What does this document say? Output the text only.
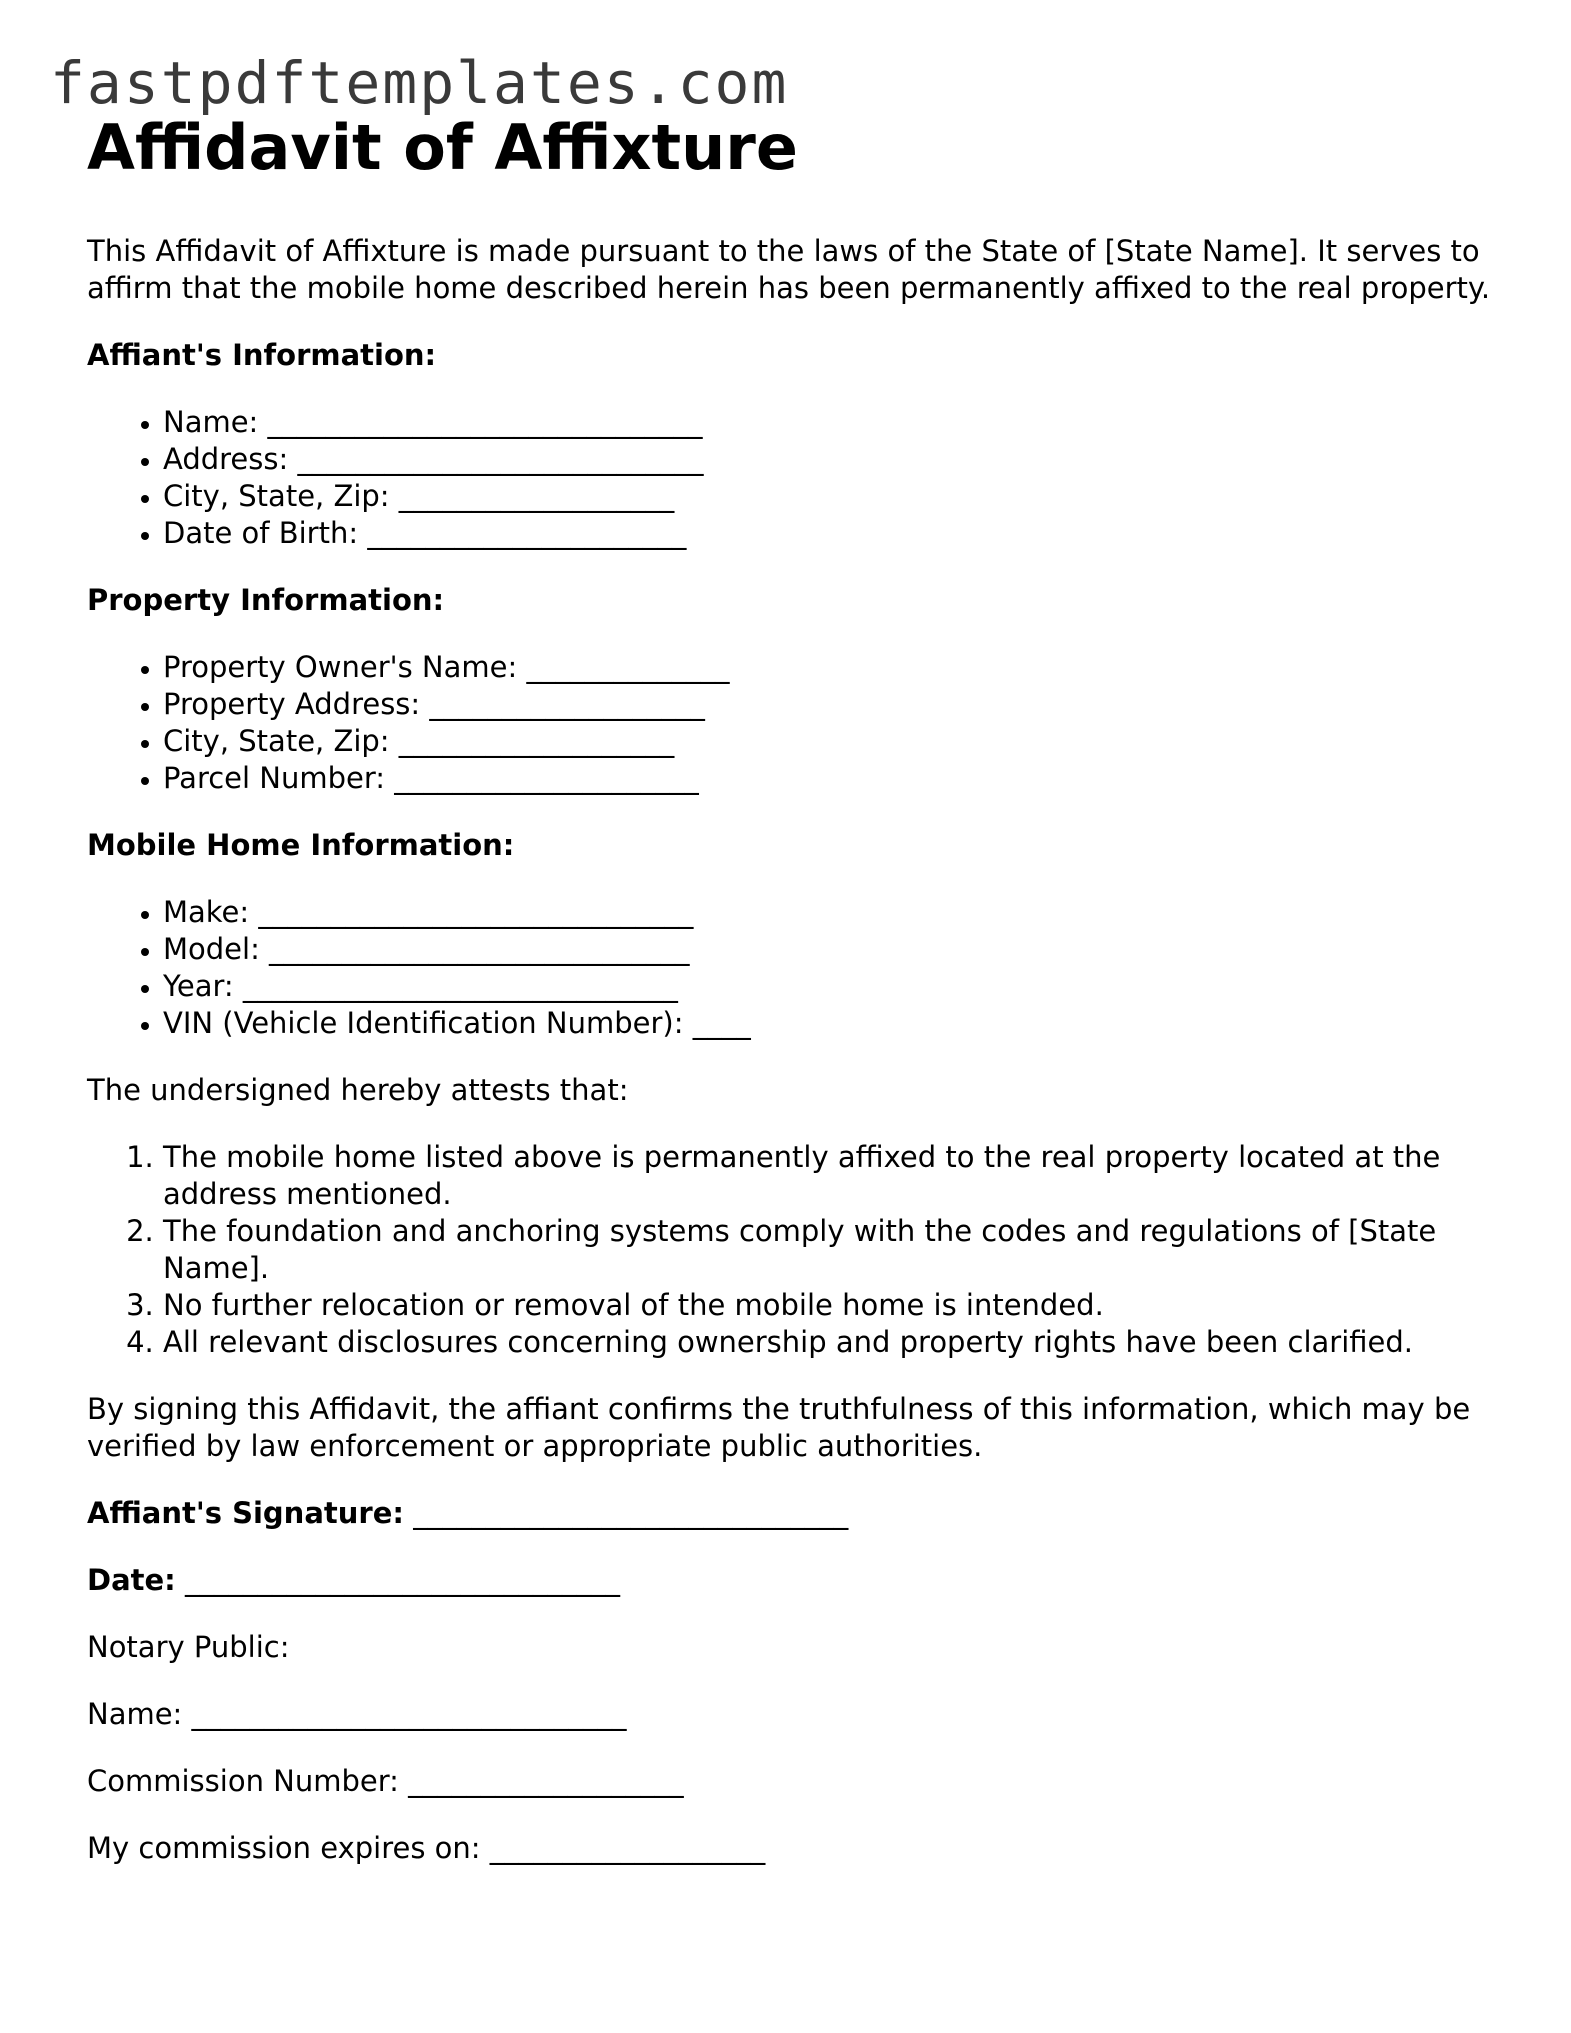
fastpdftemplates.com
Affidavit of Affixture

This Affidavit of Affixture is made pursuant to the laws of the State of [State Name]. It serves to affirm that the mobile home described herein has been permanently affixed to the real property.

Affiant's Information:
• Name: ______________________________
• Address: ____________________________
• City, State, Zip: ___________________
• Date of Birth: ______________________
Property Information:
• Property Owner's Name: ______________
• Property Address: ___________________
• City, State, Zip: ___________________
• Parcel Number: _____________________
Mobile Home Information:
• Make: ______________________________
• Model: _____________________________
• Year: ______________________________
• VIN (Vehicle Identification Number): ____

The undersigned hereby attests that:

1. The mobile home listed above is permanently affixed to the real property located at the address mentioned.
2. The foundation and anchoring systems comply with the codes and regulations of [State Name].
3. No further relocation or removal of the mobile home is intended.
4. All relevant disclosures concerning ownership and property rights have been clarified.

By signing this Affidavit, the affiant confirms the truthfulness of this information, which may be verified by law enforcement or appropriate public authorities.

Affiant's Signature: ______________________________

Date: ______________________________

Notary Public:

Name: ______________________________

Commission Number: ___________________

My commission expires on: ___________________
